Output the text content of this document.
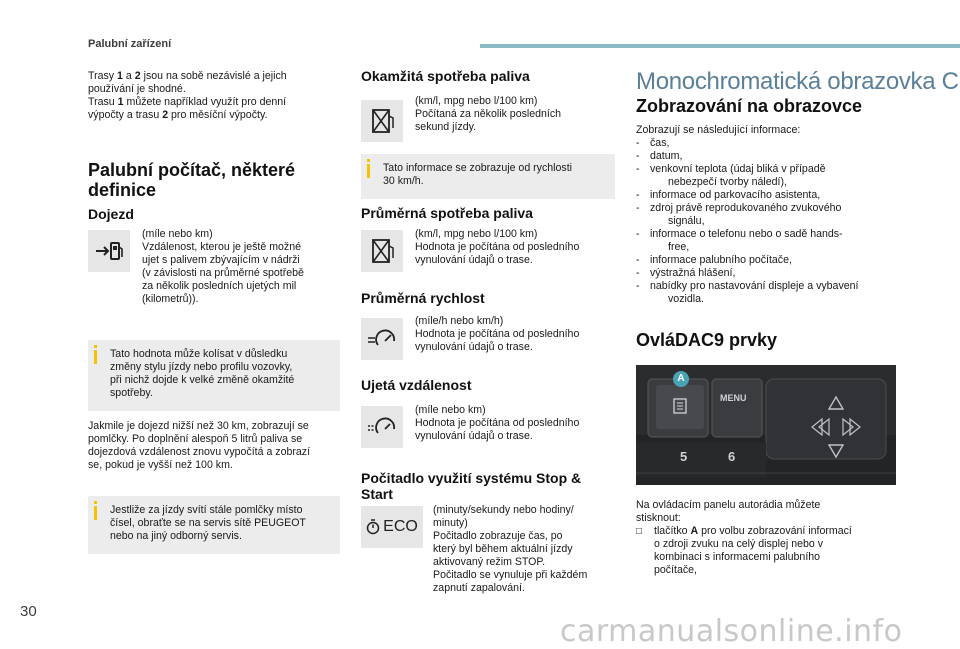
Palubní zařízení

Trasy 1 a 2 jsou na sobě nezávislé a jejich

používání je shodné.

Trasu 1 můžete například využít pro denní

výpočty a trasu 2 pro měsíční výpočty.

Palubní počítač, některé

definice

Dojezd

(míle nebo km)

Vzdálenost, kterou je ještě možné

ujet s palivem zbývajícím v nádrži

(v závislosti na průměrné spotřebě

za několik posledních ujetých mil

(kilometrů)).

Tato hodnota může kolísat v důsledku

změny stylu jízdy nebo profilu vozovky,

při nichž dojde k velké změně okamžité

spotřeby.

Jakmile je dojezd nižší než 30 km, zobrazují se

pomlčky. Po doplnění alespoň 5 litrů paliva se

dojezdová vzdálenost znovu vypočítá a zobrazí

se, pokud je vyšší než 100 km.

Jestliže za jízdy svítí stále pomlčky místo

čísel, obraťte se na servis sítě PEUGEOT

nebo na jiný odborný servis.

Okamžitá spotřeba paliva

(km/l, mpg nebo l/100 km)

Počítaná za několik posledních

sekund jízdy.

Tato informace se zobrazuje od rychlosti

30 km/h.

Průměrná spotřeba paliva

(km/l, mpg nebo l/100 km)

Hodnota je počítána od posledního

vynulování údajů o trase.

Průměrná rychlost

(míle/h nebo km/h)

Hodnota je počítána od posledního

vynulování údajů o trase.

Ujetá vzdálenost

(míle nebo km)

Hodnota je počítána od posledního

vynulování údajů o trase.

Počitadlo využití systému Stop &

Start

ECO

(minuty/sekundy nebo hodiny/

minuty)

Počitadlo zobrazuje čas, po

který byl během aktuální jízdy

aktivovaný režim STOP.

Počitadlo se vynuluje při každém

zapnutí zapalování.

Monochromatická obrazovka C
Zobrazování na obrazovce

Zobrazují se následující informace:

- čas,

- datum,

- venkovní teplota (údaj bliká v případě

nebezpečí tvorby náledí),

- informace od parkovacího asistenta,

- zdroj právě reprodukovaného zvukového

signálu,

- informace o telefonu nebo o sadě hands-

free,

- informace palubního počítače,

- výstražná hlášení,

- nabídky pro nastavování displeje a vybavení

vozidla.

OvláDAC9 prvky
A
MENU
5	6

Na ovládacím panelu autorádia můžete

stisknout:

□ tlačítko A pro volbu zobrazování informací

o zdroji zvuku na celý displej nebo v

kombinaci s informacemi palubního

počítače,

30
carmanualsonline.info
